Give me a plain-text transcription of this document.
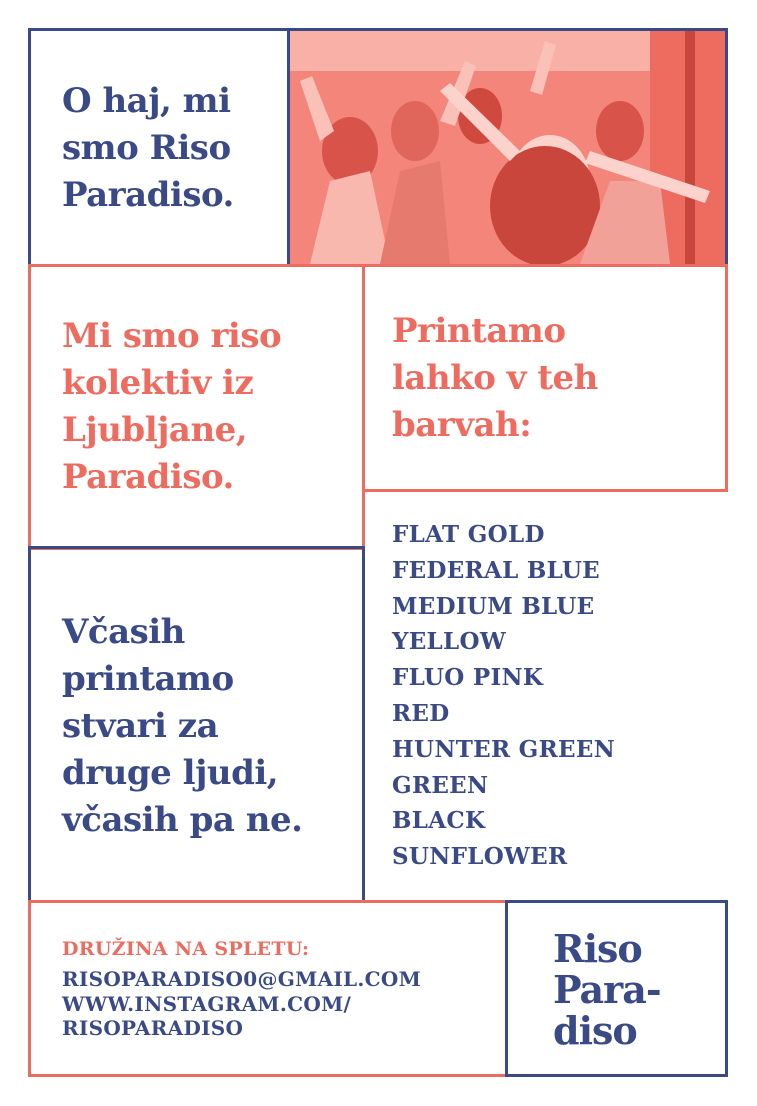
O haj, mi
smo Riso
Paradiso.
Mi smo riso
kolektiv iz
Ljubljane,
Paradiso.
Printamo
lahko v teh
barvah:
FLAT GOLD
FEDERAL BLUE
MEDIUM BLUE
YELLOW
FLUO PINK
RED
HUNTER GREEN
GREEN
BLACK
SUNFLOWER
Včasih
printamo
stvari za
druge ljudi,
včasih pa ne.
DRUŽINA NA SPLETU:
RISOPARADISO0@GMAIL.COM
WWW.INSTAGRAM.COM/
RISOPARADISO
Riso
Para-
diso
